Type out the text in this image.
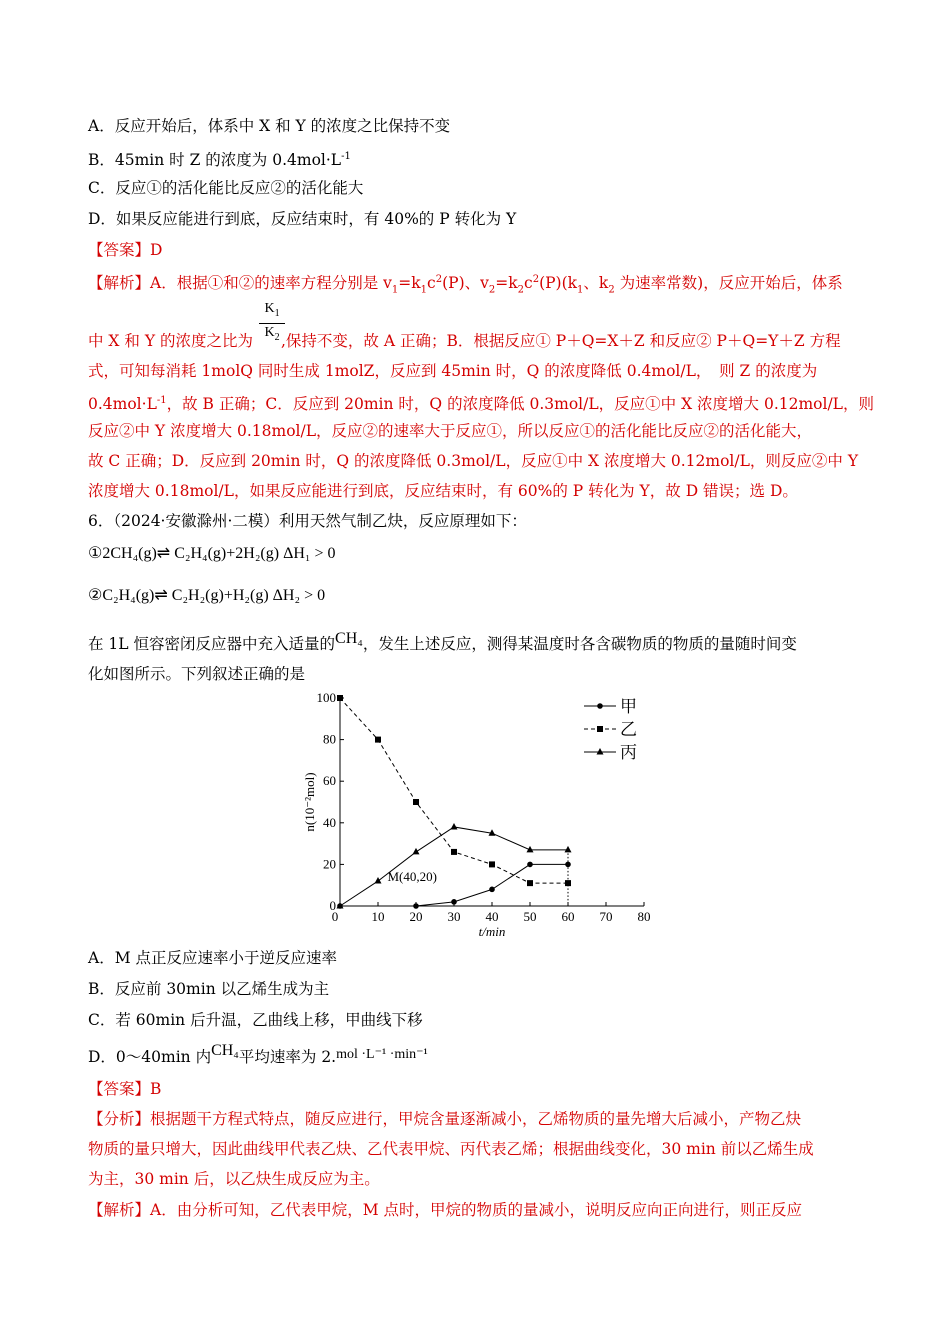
A．反应开始后，体系中 X 和 Y 的浓度之比保持不变
B．45min 时 Z 的浓度为 $0.4mol\cdot L^{-1}$
C．反应①的活化能比反应②的活化能大
D．如果反应能进行到底，反应结束时，有 40%的 P 转化为 Y
【答案】D
【解析】A．根据①和②的速率方程分别是 $v_1=k_1c^2(P)$、$v_2=k_2c^2(P)(k_1$、$k_2$ 为速率常数)，反应开始后，体系
$\frac{K_1}{K_2}$
中 X 和 Y 的浓度之比为 ,保持不变，故 A 正确；B．根据反应① P＋Q=X＋Z 和反应② P＋Q=Y＋Z 方程
式，可知每消耗 1molQ 同时生成 1molZ，反应到 45min 时，Q 的浓度降低 0.4mol/L，　则 Z 的浓度为
$0.4mol\cdot L^{-1}$，故 B 正确；C．反应到 20min 时，Q 的浓度降低 0.3mol/L，反应①中 X 浓度增大 0.12mol/L，则
反应②中 Y 浓度增大 0.18mol/L，反应②的速率大于反应①，所以反应①的活化能比反应②的活化能大，
故 C 正确；D．反应到 20min 时，Q 的浓度降低 0.3mol/L，反应①中 X 浓度增大 0.12mol/L，则反应②中 Y
浓度增大 0.18mol/L，如果反应能进行到底，反应结束时，有 60%的 P 转化为 Y，故 D 错误；选 D。
6．（2024·安徽滁州·二模）利用天然气制乙炔，反应原理如下：
①2CH₄(g)⇌ C₂H₄(g)+2H₂(g) ΔH₁ > 0
②C₂H₄(g)⇌ C₂H₂(g)+H₂(g) ΔH₂ > 0
在 1L 恒容密闭反应器中充入适量的CH₄，发生上述反应，测得某温度时各含碳物质的物质的量随时间变
化如图所示。下列叙述正确的是
10 20 30 40 50 60 70 80
0
0
20
40
60
80
100
t/min
n(10⁻²mol)
M(40,20)
甲
乙
丙
A．M 点正反应速率小于逆反应速率
B．反应前 30min 以乙烯生成为主
C．若 60min 后升温，乙曲线上移，甲曲线下移
D．0～40min 内CH₄平均速率为 2.mol ·L⁻¹ ·min⁻¹
【答案】B
【分析】根据题干方程式特点，随反应进行，甲烷含量逐渐减小，乙烯物质的量先增大后减小，产物乙炔
物质的量只增大，因此曲线甲代表乙炔、乙代表甲烷、丙代表乙烯；根据曲线变化，30 min 前以乙烯生成
为主，30 min 后，以乙炔生成反应为主。
【解析】A．由分析可知，乙代表甲烷，M 点时，甲烷的物质的量减小，说明反应向正向进行，则正反应
